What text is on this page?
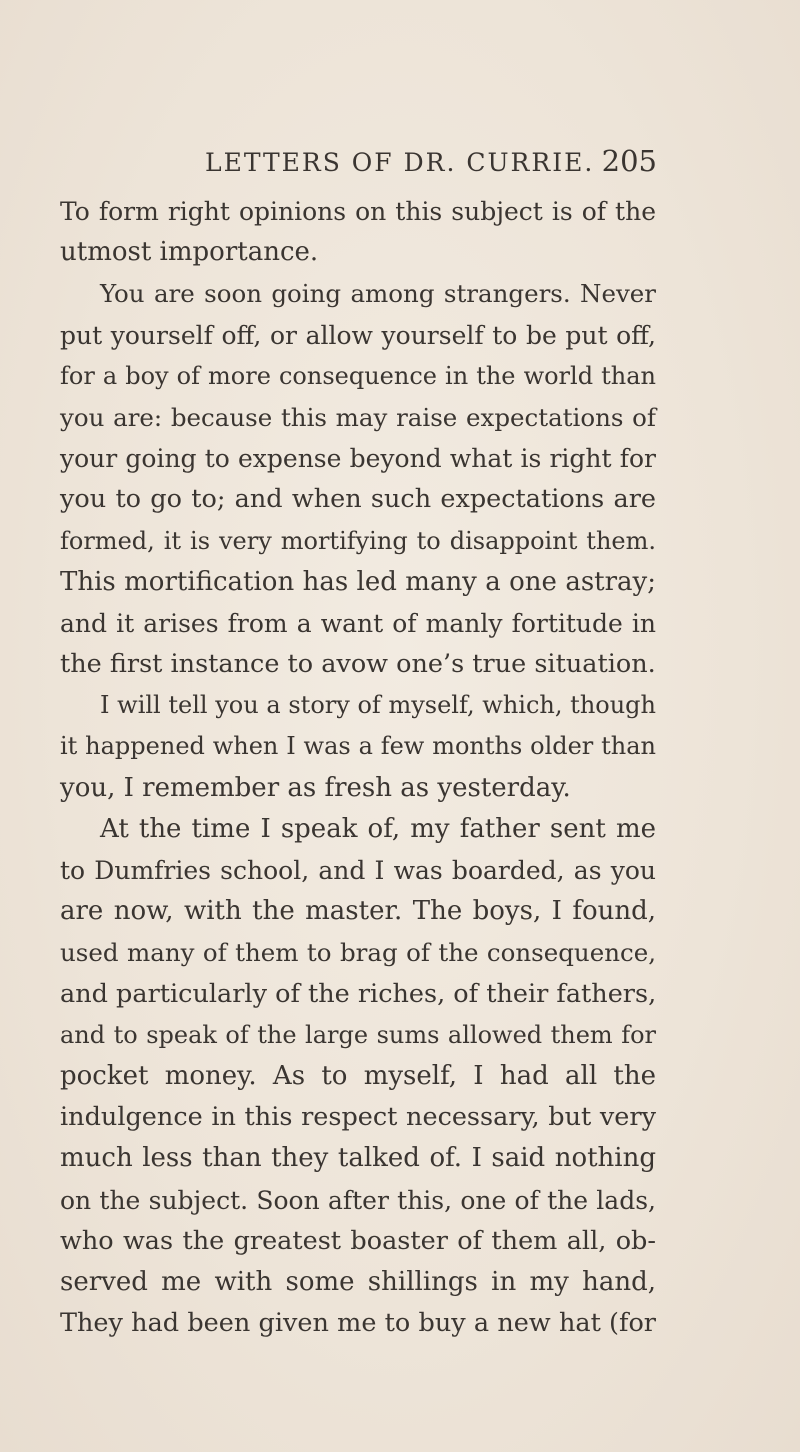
LETTERS OF DR. CURRIE. 205
To form right opinions on this subject is of the
utmost importance.
You are soon going among strangers. Never
put yourself off, or allow yourself to be put off,
for a boy of more consequence in the world than
you are: because this may raise expectations of
your going to expense beyond what is right for
you to go to; and when such expectations are
formed, it is very mortifying to disappoint them.
This mortification has led many a one astray;
and it arises from a want of manly fortitude in
the first instance to avow one’s true situation.
I will tell you a story of myself, which, though
it happened when I was a few months older than
you, I remember as fresh as yesterday.
At the time I speak of, my father sent me
to Dumfries school, and I was boarded, as you
are now, with the master. The boys, I found,
used many of them to brag of the consequence,
and particularly of the riches, of their fathers,
and to speak of the large sums allowed them for
pocket money. As to myself, I had all the
indulgence in this respect necessary, but very
much less than they talked of. I said nothing
on the subject. Soon after this, one of the lads,
who was the greatest boaster of them all, ob-
served me with some shillings in my hand,
They had been given me to buy a new hat (for
